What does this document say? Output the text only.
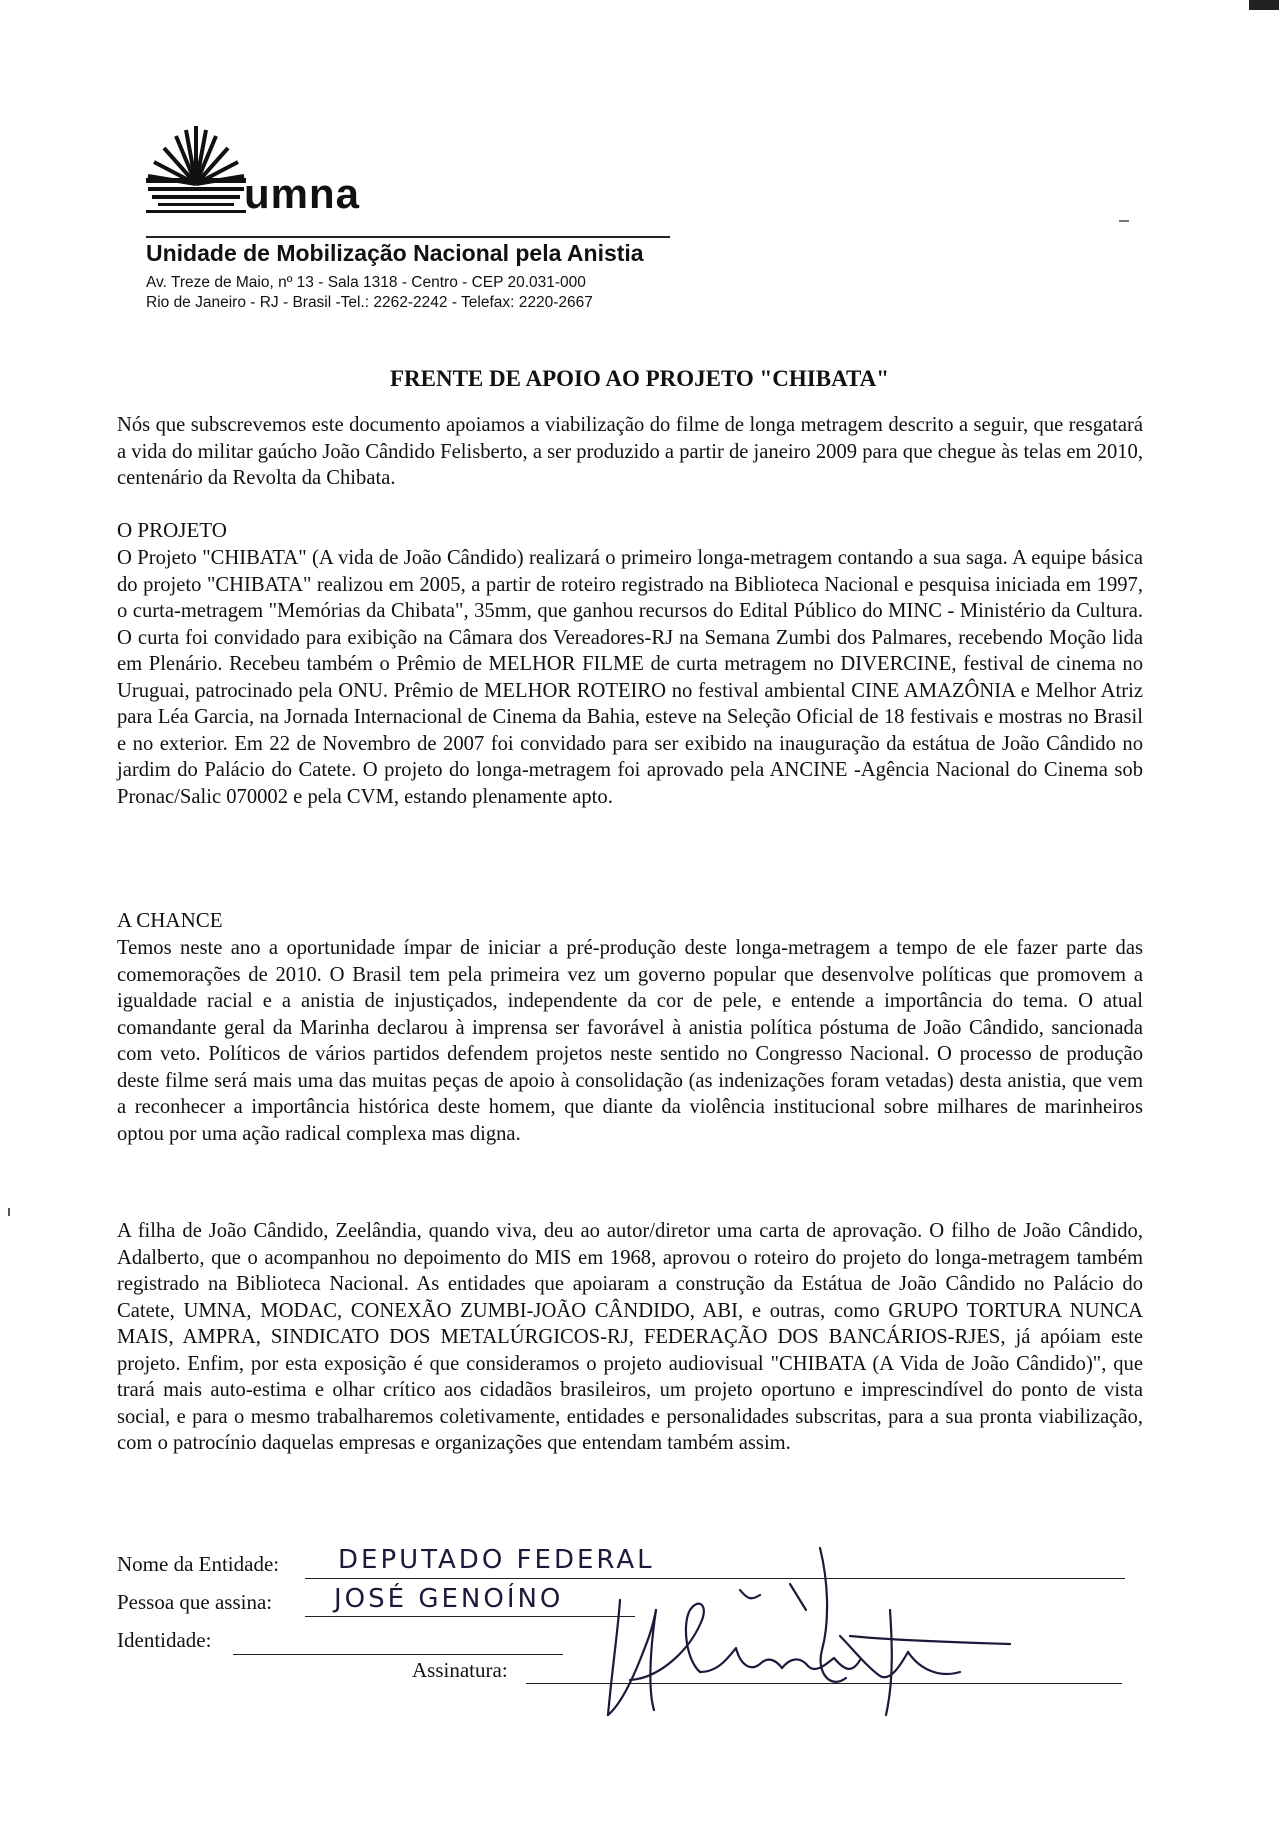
umna
Unidade de Mobilização Nacional pela Anistia
Av. Treze de Maio, nº 13 - Sala 1318 - Centro - CEP 20.031-000
Rio de Janeiro - RJ - Brasil -Tel.: 2262-2242 - Telefax: 2220-2667
FRENTE DE APOIO AO PROJETO "CHIBATA"
Nós que subscrevemos este documento apoiamos a viabilização do filme de longa metragem descrito a seguir, que resgatará a vida do militar gaúcho João Cândido Felisberto, a ser produzido a partir de janeiro 2009 para que chegue às telas em 2010, centenário da Revolta da Chibata.
O PROJETO
O Projeto "CHIBATA" (A vida de João Cândido) realizará o primeiro longa-metragem contando a sua saga. A equipe básica do projeto "CHIBATA" realizou em 2005, a partir de roteiro registrado na Biblioteca Nacional e pesquisa iniciada em 1997, o curta-metragem "Memórias da Chibata", 35mm, que ganhou recursos do Edital Público do MINC - Ministério da Cultura. O curta foi convidado para exibição na Câmara dos Vereadores-RJ na Semana Zumbi dos Palmares, recebendo Moção lida em Plenário. Recebeu também o Prêmio de MELHOR FILME de curta metragem no DIVERCINE, festival de cinema no Uruguai, patrocinado pela ONU. Prêmio de MELHOR ROTEIRO no festival ambiental CINE AMAZÔNIA e Melhor Atriz para Léa Garcia, na Jornada Internacional de Cinema da Bahia, esteve na Seleção Oficial de 18 festivais e mostras no Brasil e no exterior. Em 22 de Novembro de 2007 foi convidado para ser exibido na inauguração da estátua de João Cândido no jardim do Palácio do Catete. O projeto do longa-metragem foi aprovado pela ANCINE -Agência Nacional do Cinema sob Pronac/Salic 070002 e pela CVM, estando plenamente apto.
A CHANCE
Temos neste ano a oportunidade ímpar de iniciar a pré-produção deste longa-metragem a tempo de ele fazer parte das comemorações de 2010. O Brasil tem pela primeira vez um governo popular que desenvolve políticas que promovem a igualdade racial e a anistia de injustiçados, independente da cor de pele, e entende a importância do tema. O atual comandante geral da Marinha declarou à imprensa ser favorável à anistia política póstuma de João Cândido, sancionada com veto. Políticos de vários partidos defendem projetos neste sentido no Congresso Nacional. O processo de produção deste filme será mais uma das muitas peças de apoio à consolidação (as indenizações foram vetadas) desta anistia, que vem a reconhecer a importância histórica deste homem, que diante da violência institucional sobre milhares de marinheiros optou por uma ação radical complexa mas digna.
A filha de João Cândido, Zeelândia, quando viva, deu ao autor/diretor uma carta de aprovação. O filho de João Cândido, Adalberto, que o acompanhou no depoimento do MIS em 1968, aprovou o roteiro do projeto do longa-metragem também registrado na Biblioteca Nacional. As entidades que apoiaram a construção da Estátua de João Cândido no Palácio do Catete, UMNA, MODAC, CONEXÃO ZUMBI-JOÃO CÂNDIDO, ABI, e outras, como GRUPO TORTURA NUNCA MAIS, AMPRA, SINDICATO DOS METALÚRGICOS-RJ, FEDERAÇÃO DOS BANCÁRIOS-RJES, já apóiam este projeto. Enfim, por esta exposição é que consideramos o projeto audiovisual "CHIBATA (A Vida de João Cândido)", que trará mais auto-estima e olhar crítico aos cidadãos brasileiros, um projeto oportuno e imprescindível do ponto de vista social, e para o mesmo trabalharemos coletivamente, entidades e personalidades subscritas, para a sua pronta viabilização, com o patrocínio daquelas empresas e organizações que entendam também assim.
Nome da Entidade: DEPUTADO FEDERAL
Pessoa que assina: JOSÉ GENOÍNO
Identidade:
Assinatura:
